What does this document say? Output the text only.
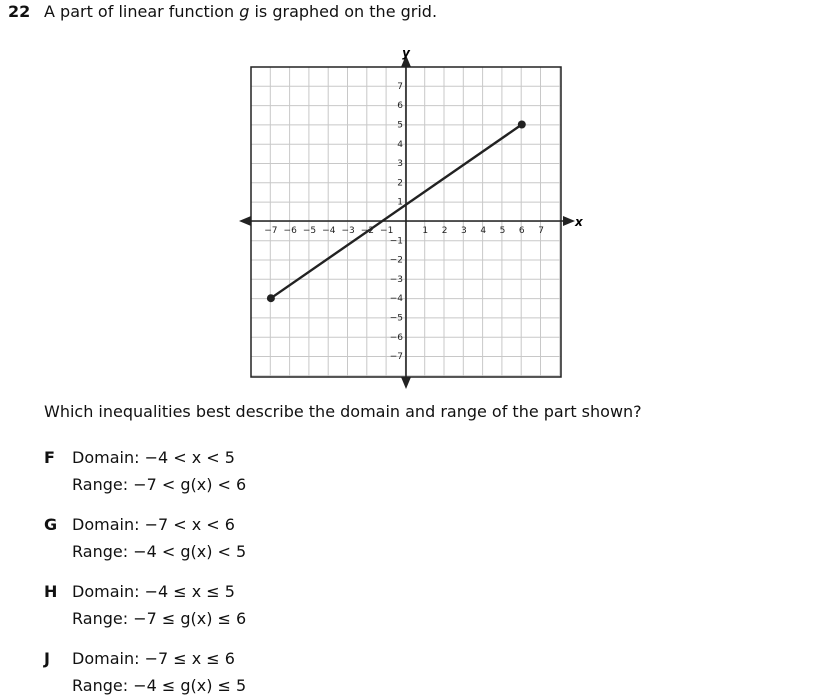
22 A part of linear function g is graphed on the grid.
x
y
−7 −6 −5 −4 −3 −2 −1	1 2 3 4 5 6 7
7
6
5
4
3
2
1
−1
−2
−3
−4
−5
−6
−7
Which inequalities best describe the domain and range of the part shown?
F	Domain: −4 < x < 5
Range: −7 < g(x) < 6
G Domain: −7 < x < 6
Range: −4 < g(x) < 5
H Domain: −4 ≤ x ≤ 5
Range: −7 ≤ g(x) ≤ 6
J	Domain: −7 ≤ x ≤ 6
Range: −4 ≤ g(x) ≤ 5
